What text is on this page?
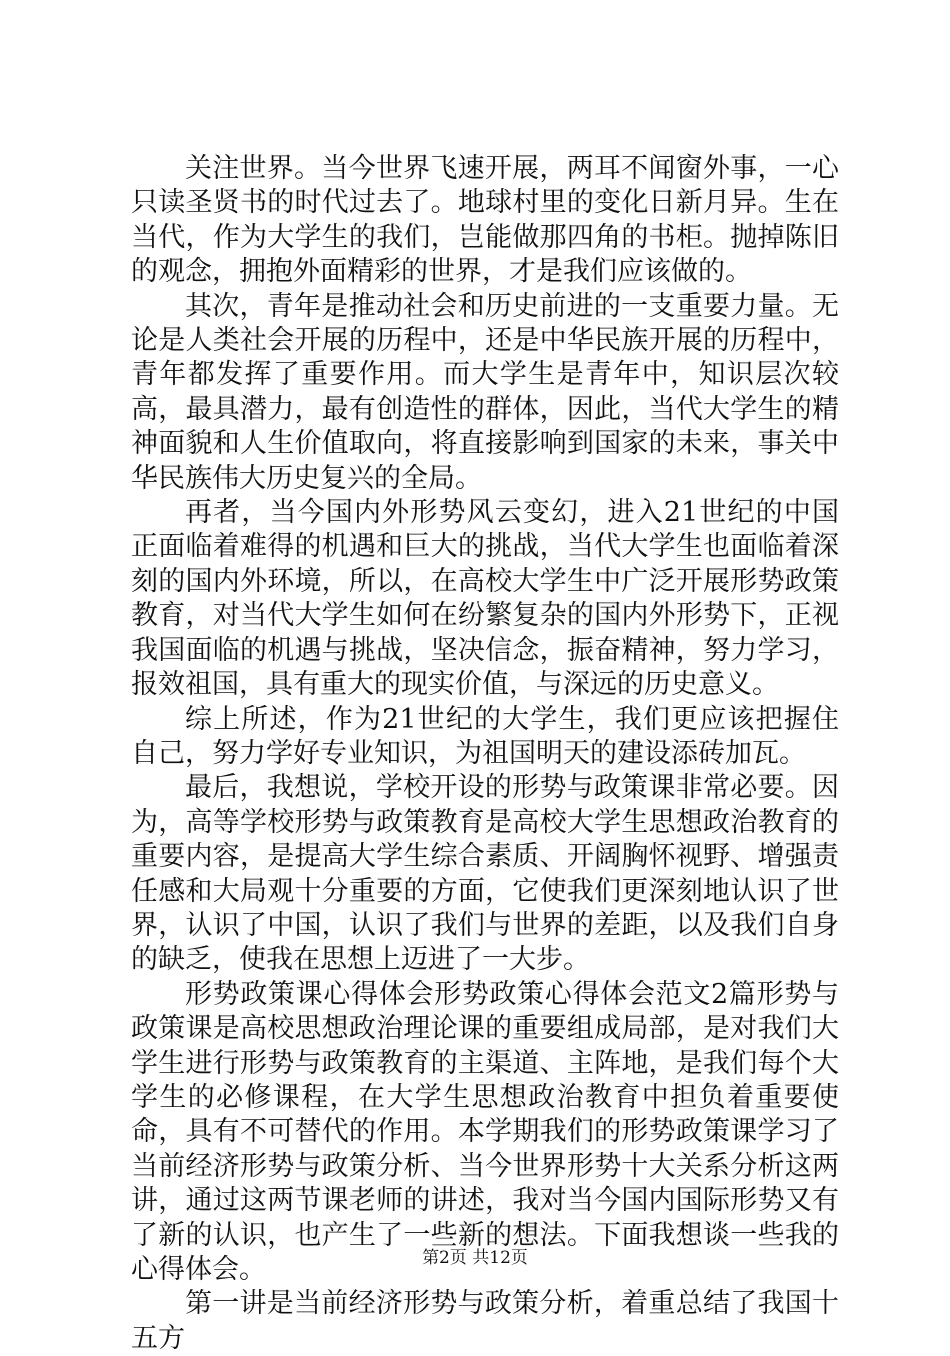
关注世界。当今世界飞速开展，两耳不闻窗外事，一心只读圣贤书的时代过去了。地球村里的变化日新月异。生在当代，作为大学生的我们，岂能做那四角的书柜。抛掉陈旧的观念，拥抱外面精彩的世界，才是我们应该做的。

其次，青年是推动社会和历史前进的一支重要力量。无论是人类社会开展的历程中，还是中华民族开展的历程中，青年都发挥了重要作用。而大学生是青年中，知识层次较高，最具潜力，最有创造性的群体，因此，当代大学生的精神面貌和人生价值取向，将直接影响到国家的未来，事关中华民族伟大历史复兴的全局。

再者，当今国内外形势风云变幻，进入21世纪的中国正面临着难得的机遇和巨大的挑战，当代大学生也面临着深刻的国内外环境，所以，在高校大学生中广泛开展形势政策教育，对当代大学生如何在纷繁复杂的国内外形势下，正视我国面临的机遇与挑战，坚决信念，振奋精神，努力学习，报效祖国，具有重大的现实价值，与深远的历史意义。

综上所述，作为21世纪的大学生，我们更应该把握住自己，努力学好专业知识，为祖国明天的建设添砖加瓦。

最后，我想说，学校开设的形势与政策课非常必要。因为，高等学校形势与政策教育是高校大学生思想政治教育的重要内容，是提高大学生综合素质、开阔胸怀视野、增强责任感和大局观十分重要的方面，它使我们更深刻地认识了世界，认识了中国，认识了我们与世界的差距，以及我们自身的缺乏，使我在思想上迈进了一大步。

形势政策课心得体会形势政策心得体会范文2篇形势与政策课是高校思想政治理论课的重要组成局部，是对我们大学生进行形势与政策教育的主渠道、主阵地，是我们每个大学生的必修课程，在大学生思想政治教育中担负着重要使命，具有不可替代的作用。本学期我们的形势政策课学习了当前经济形势与政策分析、当今世界形势十大关系分析这两讲，通过这两节课老师的讲述，我对当今国内国际形势又有了新的认识，也产生了一些新的想法。下面我想谈一些我的心得体会。

第一讲是当前经济形势与政策分析，着重总结了我国十五方

第2页 共12页
